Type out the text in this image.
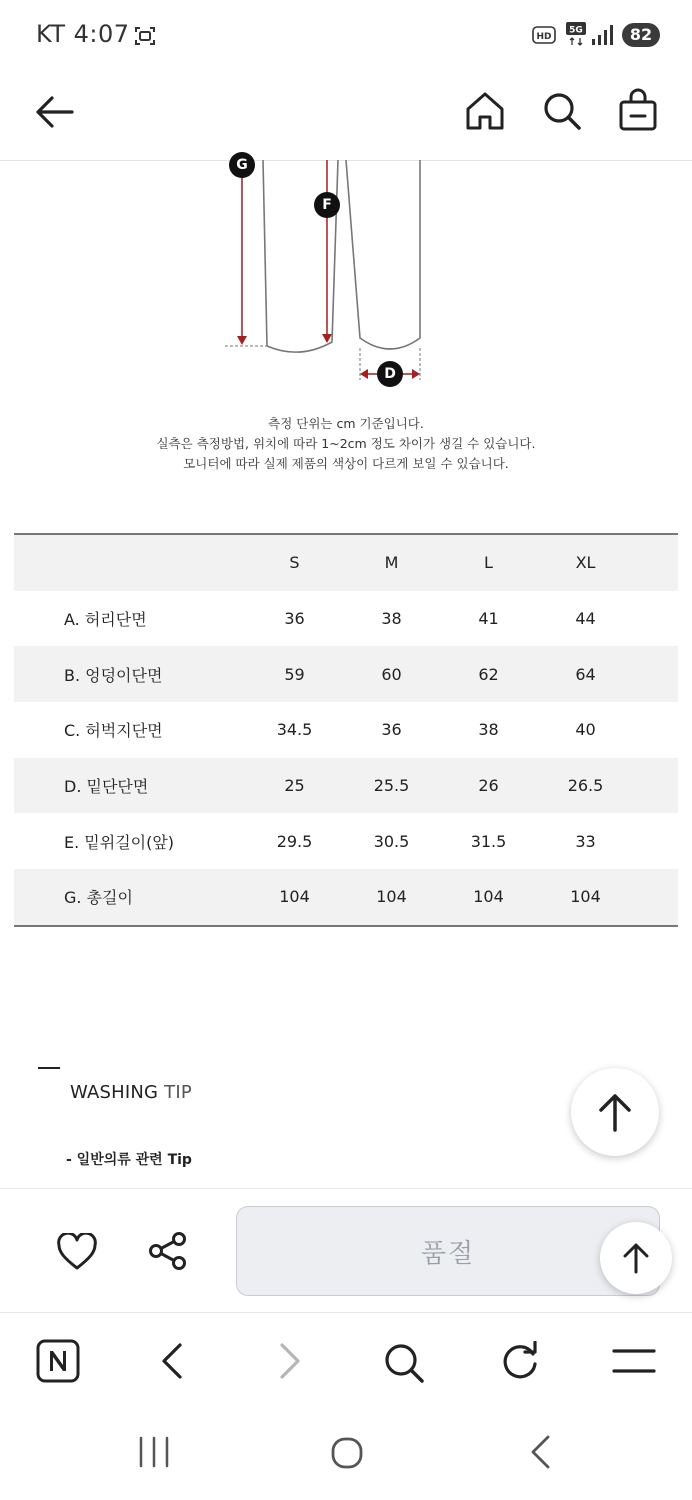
KT 4:07	HD
5G	82
G
F
D
측정 단위는 cm 기준입니다.
실측은 측정방법, 위치에 따라 1~2cm 정도 차이가 생길 수 있습니다.
모니터에 따라 실제 제품의 색상이 다르게 보일 수 있습니다.
	S	M	L	XL	
A. 허리단면	36	38	41	44	
B. 엉덩이단면	59	60	62	64	
C. 허벅지단면	34.5	36	38	40	
D. 밑단단면	25	25.5	26	26.5	
E. 밑위길이(앞)	29.5	30.5	31.5	33	
G. 총길이	104	104	104	104	
WASHING TIP
- 일반의류 관련 Tip
품절
